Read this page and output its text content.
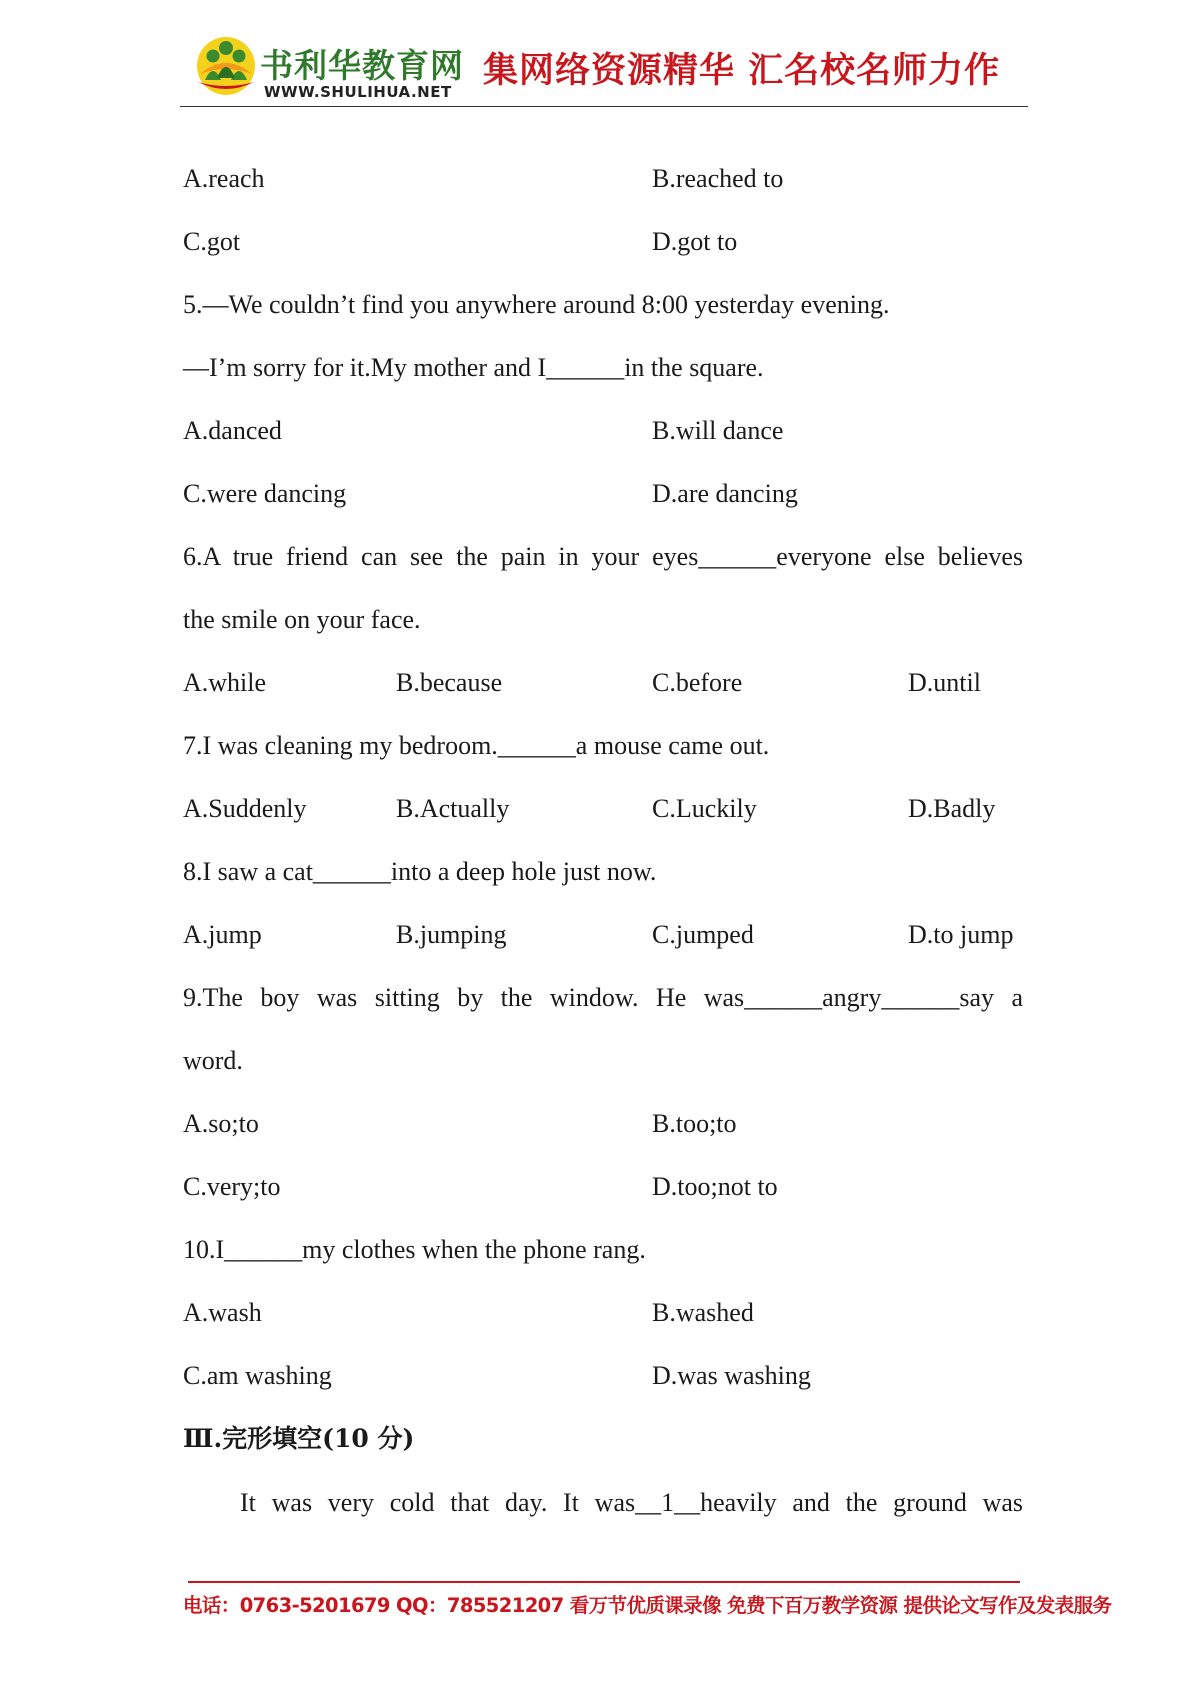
书利华教育网
WWW.SHULIHUA.NET
集网络资源精华 汇名校名师力作
A.reach	B.reached to
C.got	D.got to
5.—We couldn’t find you anywhere around 8:00 yesterday evening.
—I’m sorry for it.My mother and I______in the square.
A.danced	B.will dance
C.were dancing	D.are dancing
6.A true friend can see the pain in your eyes______everyone else believes
the smile on your face.
A.while	B.because	C.before	D.until
7.I was cleaning my bedroom.______a mouse came out.
A.Suddenly	B.Actually	C.Luckily	D.Badly
8.I saw a cat______into a deep hole just now.
A.jump	B.jumping	C.jumped	D.to jump
9.The boy was sitting by the window. He was______angry______say a
word.
A.so;to	B.too;to
C.very;to	D.too;not to
10.I______my clothes when the phone rang.
A.wash	B.washed
C.am washing	D.was washing
Ⅲ.完形填空(10 分)
It was very cold that day. It was__1__heavily and the ground was
电话：0763-5201679 QQ：785521207 看万节优质课录像 免费下百万教学资源 提供论文写作及发表服务
